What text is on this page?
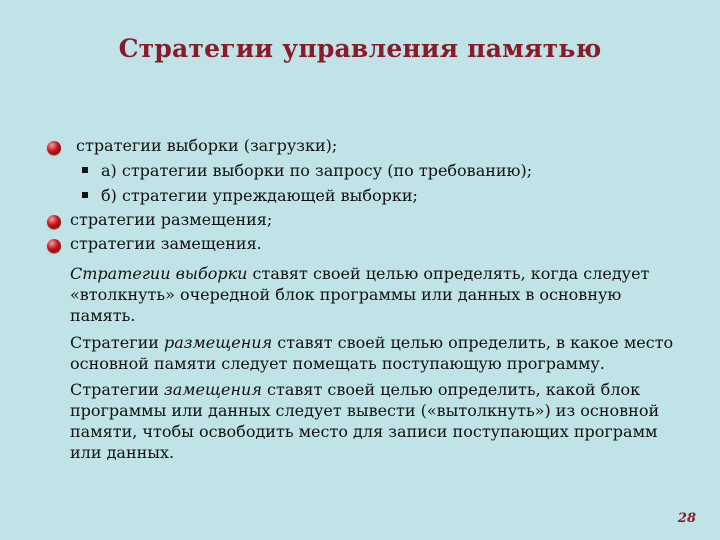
Стратегии управления памятью
стратегии выборки (загрузки);
а) стратегии выборки по запросу (по требованию);
б) стратегии упреждающей выборки;
стратегии размещения;
стратегии замещения.
Стратегии выборки ставят своей целью определять, когда следует «втолкнуть» очередной блок программы или данных в основную память.
Стратегии размещения ставят своей целью определить, в какое место основной памяти следует помещать поступающую программу.
Стратегии замещения ставят своей целью определить, какой блок программы или данных следует вывести («вытолкнуть») из основной памяти, чтобы освободить место для записи поступающих программ или данных.
28
